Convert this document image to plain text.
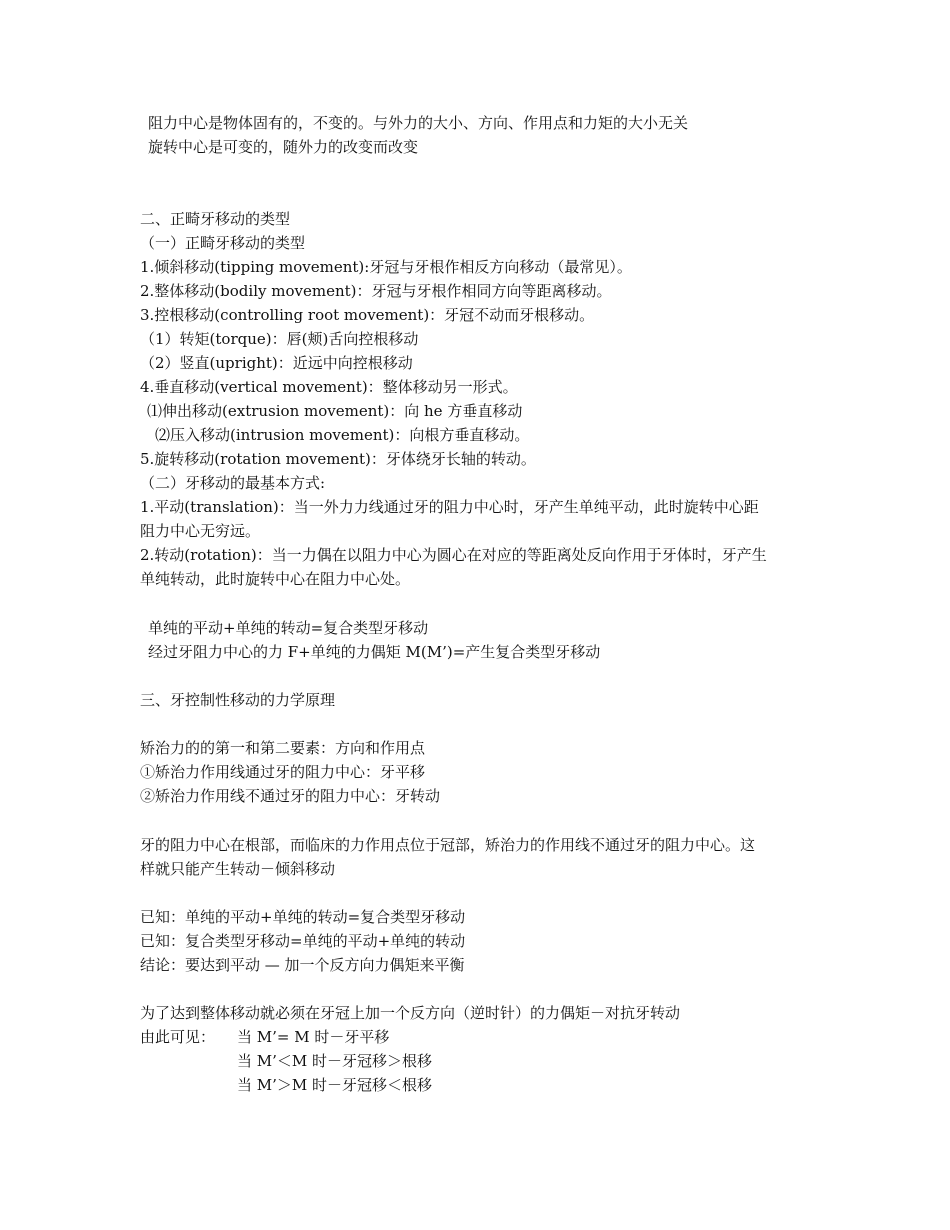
阻力中心是物体固有的，不变的。与外力的大小、方向、作用点和力矩的大小无关
旋转中心是可变的，随外力的改变而改变
二、正畸牙移动的类型
（一）正畸牙移动的类型
1.倾斜移动(tipping movement):牙冠与牙根作相反方向移动（最常见）。
2.整体移动(bodily movement)：牙冠与牙根作相同方向等距离移动。
3.控根移动(controlling root movement)：牙冠不动而牙根移动。
（1）转矩(torque)：唇(颊)舌向控根移动
（2）竖直(upright)：近远中向控根移动
4.垂直移动(vertical movement)：整体移动另一形式。
⑴伸出移动(extrusion movement)：向 he 方垂直移动
⑵压入移动(intrusion movement)：向根方垂直移动。
5.旋转移动(rotation movement)：牙体绕牙长轴的转动。
（二）牙移动的最基本方式:
1.平动(translation)：当一外力力线通过牙的阻力中心时，牙产生单纯平动，此时旋转中心距
阻力中心无穷远。
2.转动(rotation)：当一力偶在以阻力中心为圆心在对应的等距离处反向作用于牙体时，牙产生
单纯转动，此时旋转中心在阻力中心处。
单纯的平动+单纯的转动=复合类型牙移动
经过牙阻力中心的力 F+单纯的力偶矩 M(M’)=产生复合类型牙移动
三、牙控制性移动的力学原理
矫治力的的第一和第二要素：方向和作用点
①矫治力作用线通过牙的阻力中心：牙平移
②矫治力作用线不通过牙的阻力中心：牙转动
牙的阻力中心在根部，而临床的力作用点位于冠部，矫治力的作用线不通过牙的阻力中心。这
样就只能产生转动－倾斜移动
已知：单纯的平动+单纯的转动=复合类型牙移动
已知：复合类型牙移动=单纯的平动+单纯的转动
结论：要达到平动 — 加一个反方向力偶矩来平衡
为了达到整体移动就必须在牙冠上加一个反方向（逆时针）的力偶矩－对抗牙转动
由此可见： 当 M’= M 时－牙平移
当 M’＜M 时－牙冠移＞根移
当 M’＞M 时－牙冠移＜根移
